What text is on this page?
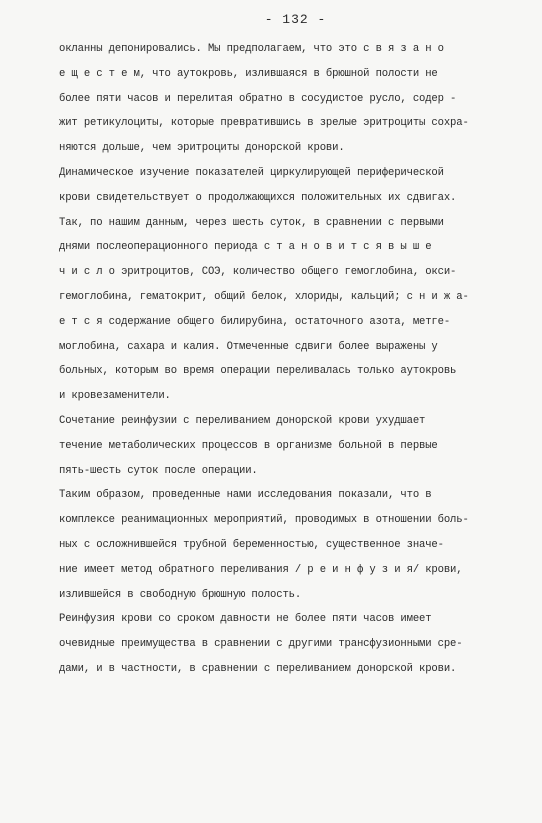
- 132 -
окланны депонировались. Мы предполагаем, что это с в я з а н о
е щ е с т е м, что аутокровь, излившаяся в брюшной полости не
более пяти часов и перелитая обратно в сосудистое русло, содер -
жит ретикулоциты, которые превратившись в зрелые эритроциты сохра-
няются дольше, чем эритроциты донорской крови.
Динамическое изучение показателей циркулирующей периферической
крови свидетельствует о продолжающихся положительных их сдвигах.
Так, по нашим данным, через шесть суток, в сравнении с первыми
днями послеоперационного периода с т а н о в и т с я в ы ш е
ч и с л о эритроцитов, СОЭ, количество общего гемоглобина, окси-
гемоглобина, гематокрит, общий белок, хлориды, кальций; с н и ж а-
е т с я содержание общего билирубина, остаточного азота, метге-
моглобина, сахара и калия. Отмеченные сдвиги более выражены у
больных, которым во время операции переливалась только аутокровь
и кровезаменители.
Сочетание реинфузии с переливанием донорской крови ухудшает
течение метаболических процессов в организме больной в первые
пять-шесть суток после операции.
Таким образом, проведенные нами исследования показали, что в
комплексе реанимационных мероприятий, проводимых в отношении боль-
ных с осложнившейся трубной беременностью, существенное значе-
ние имеет метод обратного переливания / р е и н ф у з и я/ крови,
излившейся в свободную брюшную полость.
Реинфузия крови со сроком давности не более пяти часов имеет
очевидные преимущества в сравнении с другими трансфузионными сре-
дами, и в частности, в сравнении с переливанием донорской крови.
